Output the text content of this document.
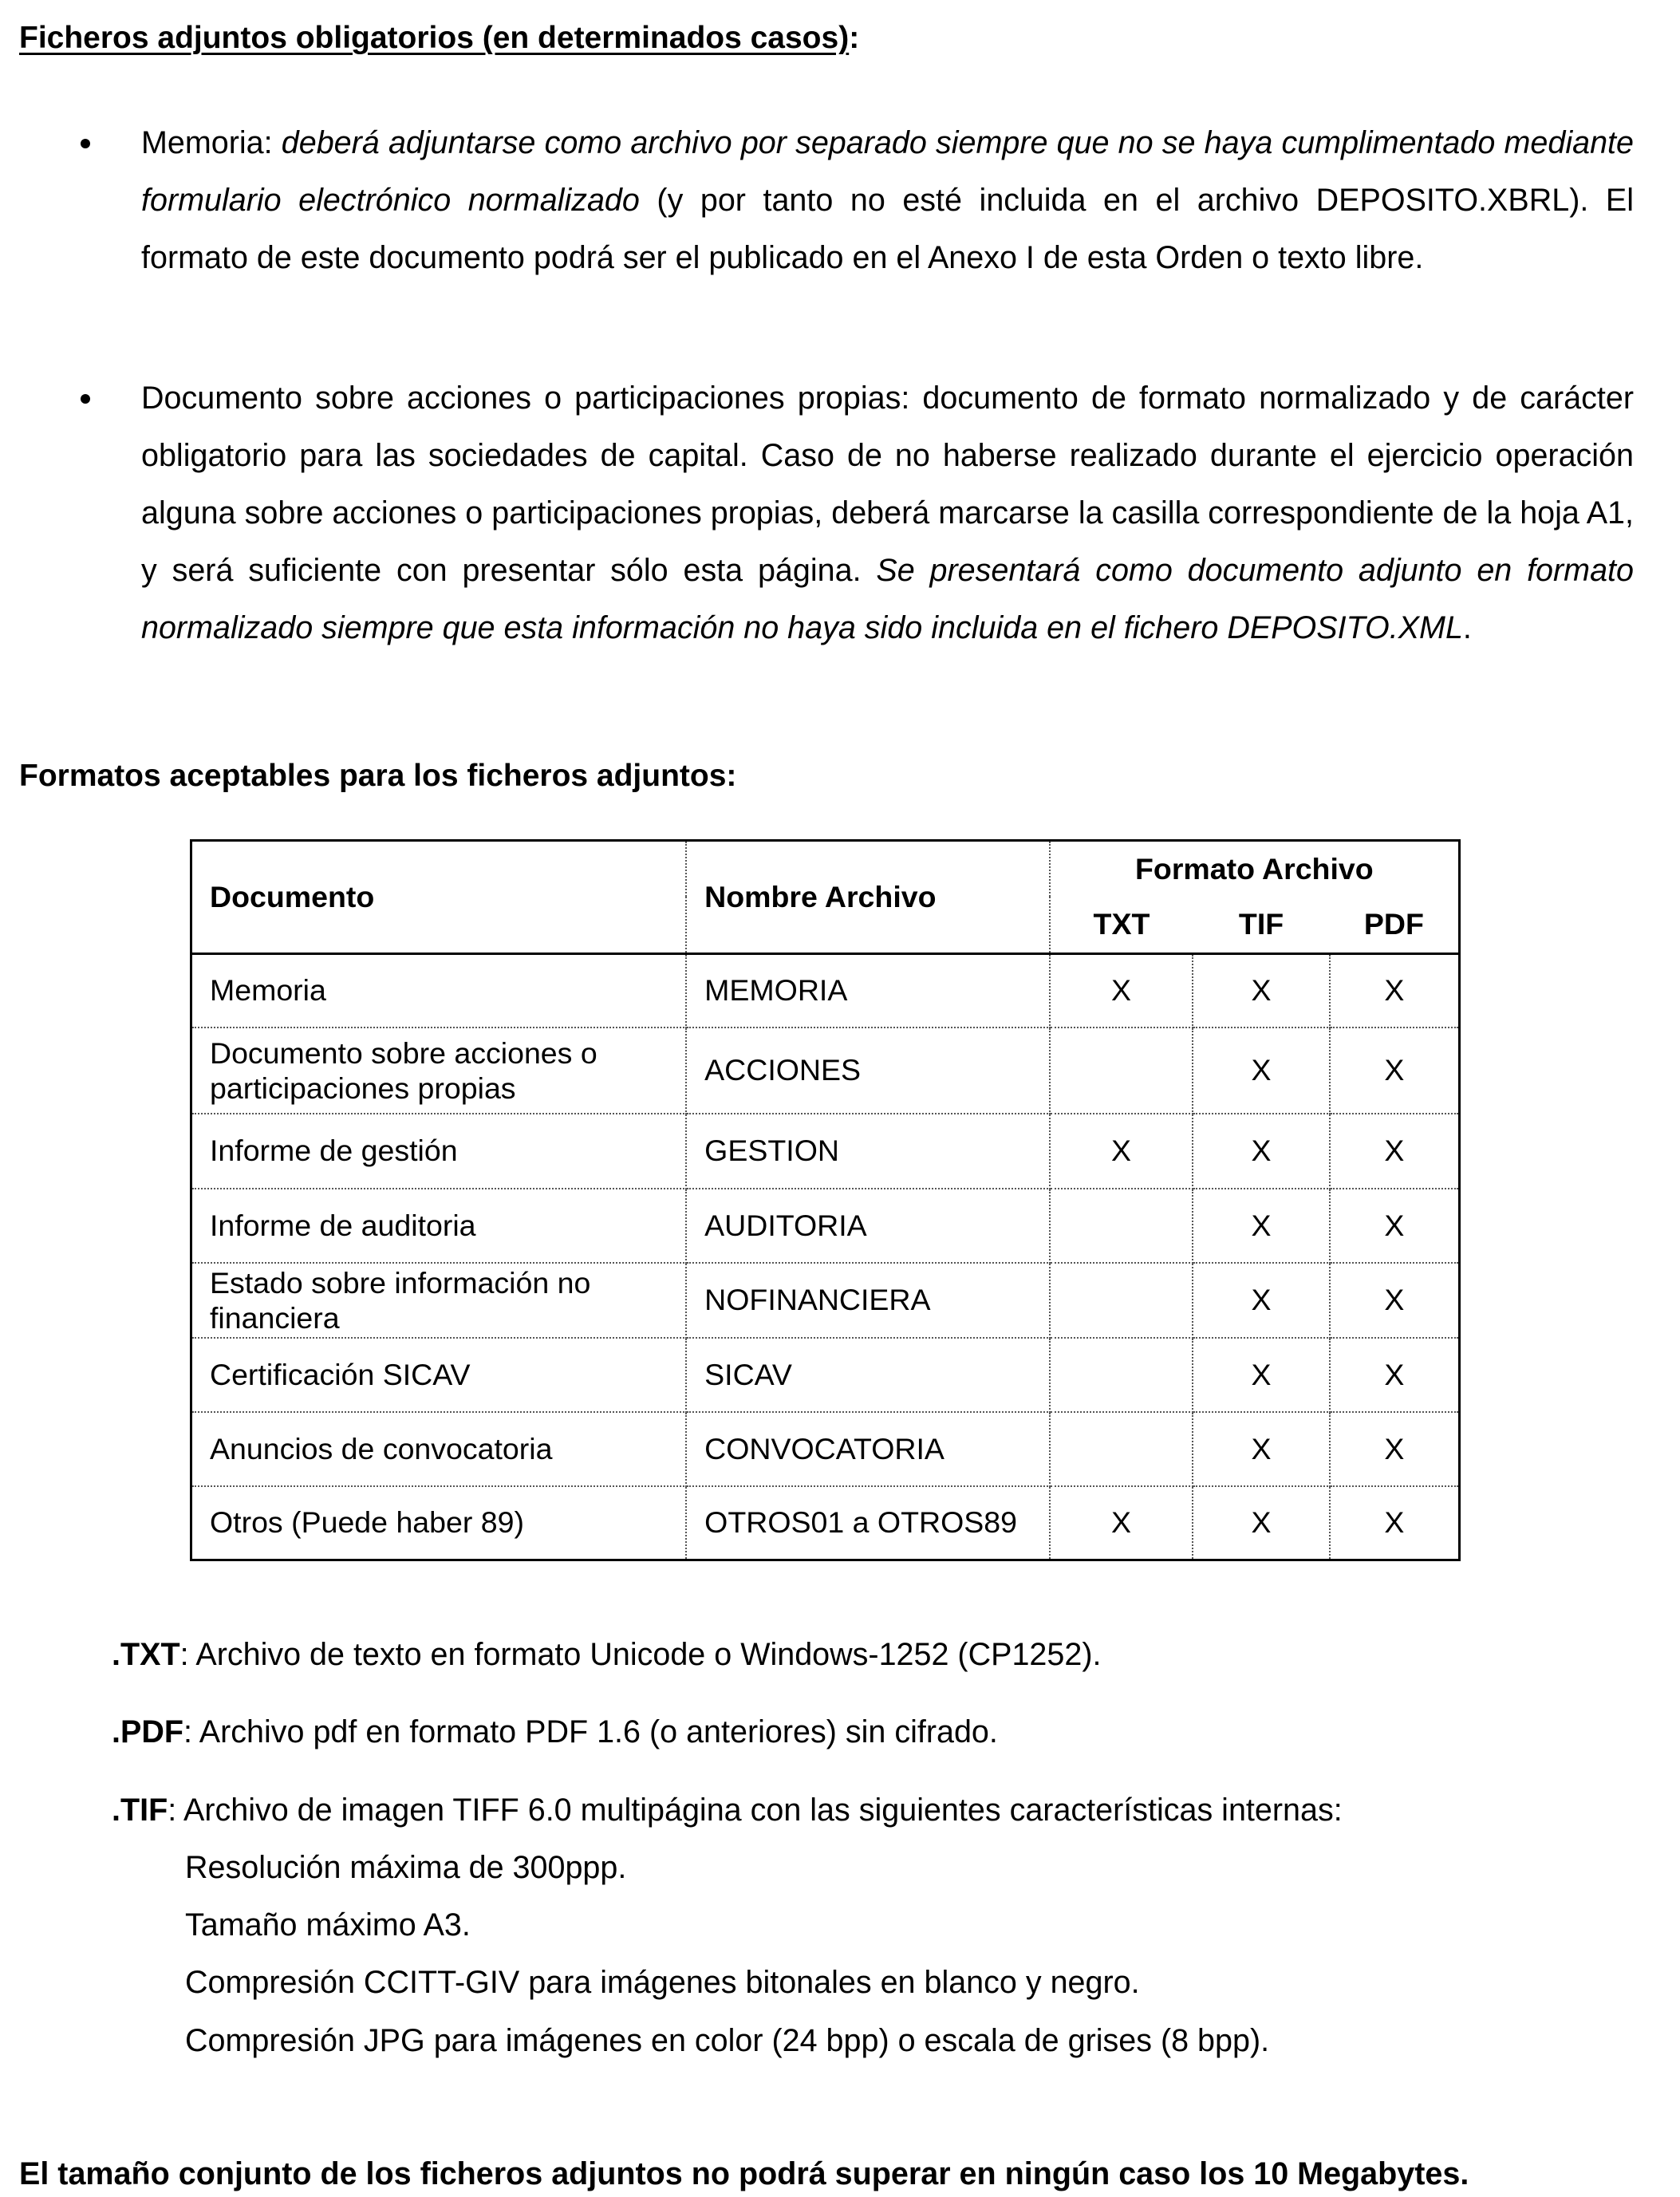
Ficheros adjuntos obligatorios (en determinados casos):
Memoria: deberá adjuntarse como archivo por separado siempre que no se haya cumplimentado mediante formulario electrónico normalizado (y por tanto no esté incluida en el archivo DEPOSITO.XBRL). El formato de este documento podrá ser el publicado en el Anexo I de esta Orden o texto libre.
Documento sobre acciones o participaciones propias: documento de formato normalizado y de carácter obligatorio para las sociedades de capital. Caso de no haberse realizado durante el ejercicio operación alguna sobre acciones o participaciones propias, deberá marcarse la casilla correspondiente de la hoja A1, y será suficiente con presentar sólo esta página. Se presentará como documento adjunto en formato normalizado siempre que esta información no haya sido incluida en el fichero DEPOSITO.XML.
Formatos aceptables para los ficheros adjuntos:
Documento	Nombre Archivo	Formato Archivo		
		TXT	TIF	PDF
Memoria	MEMORIA	X	X	X
Documento sobre acciones o
participaciones propias	ACCIONES		X	X
Informe de gestión	GESTION	X	X	X
Informe de auditoria	AUDITORIA		X	X
Estado sobre información no
financiera	NOFINANCIERA		X	X
Certificación SICAV	SICAV		X	X
Anuncios de convocatoria	CONVOCATORIA		X	X
Otros (Puede haber 89)	OTROS01 a OTROS89	X	X	X
.TXT: Archivo de texto en formato Unicode o Windows-1252 (CP1252).
.PDF: Archivo pdf en formato PDF 1.6 (o anteriores) sin cifrado.
.TIF: Archivo de imagen TIFF 6.0 multipágina con las siguientes características internas:
Resolución máxima de 300ppp.
Tamaño máximo A3.
Compresión CCITT-GIV para imágenes bitonales en blanco y negro.
Compresión JPG para imágenes en color (24 bpp) o escala de grises (8 bpp).
El tamaño conjunto de los ficheros adjuntos no podrá superar en ningún caso los 10 Megabytes.
